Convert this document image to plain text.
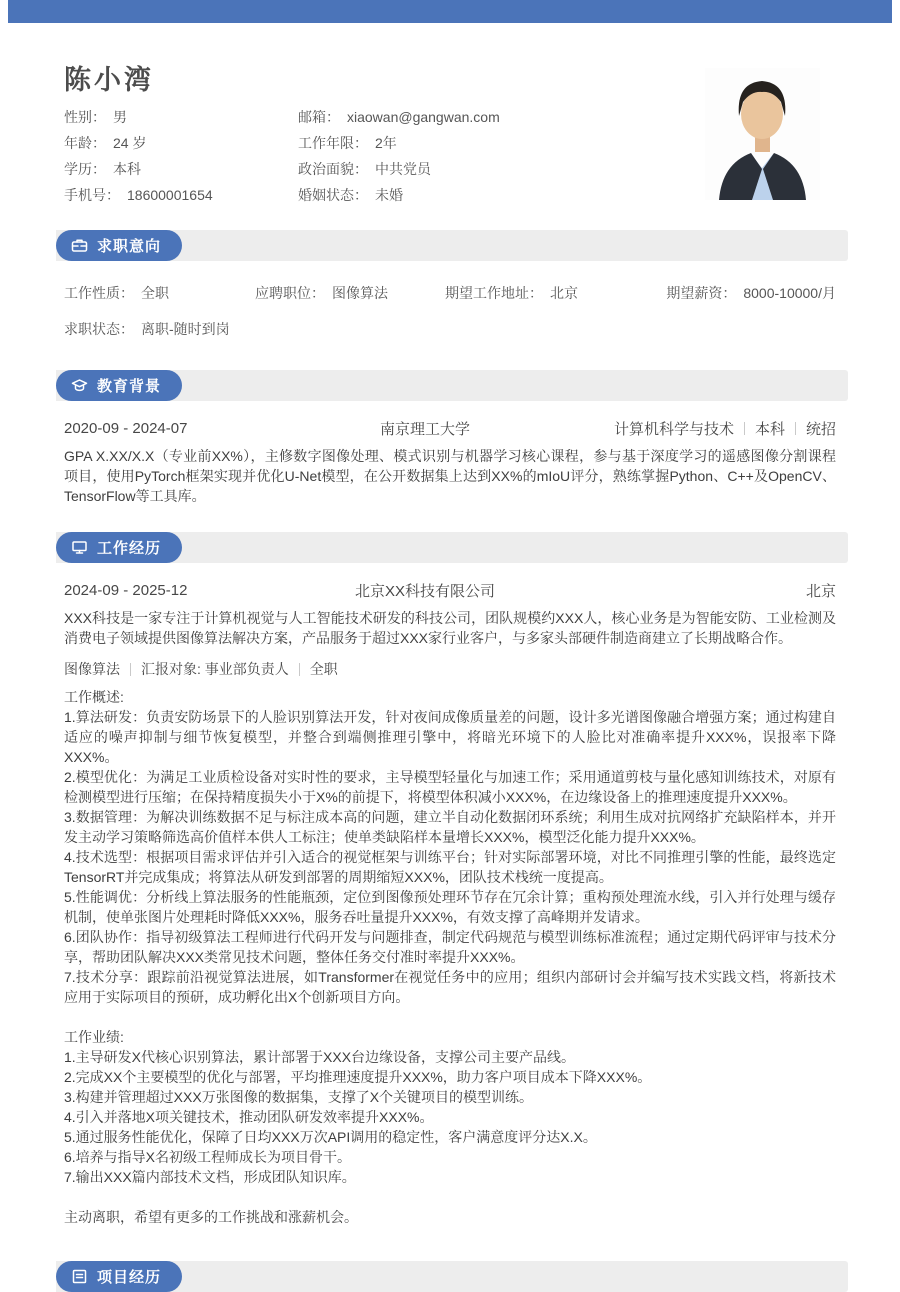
陈小湾
性别： 男	邮箱： xiaowan@gangwan.com
年龄： 24 岁	工作年限： 2年
学历： 本科	政治面貌： 中共党员
手机号： 18600001654	婚姻状态： 未婚
求职意向
工作性质： 全职	应聘职位： 图像算法	期望工作地址： 北京	期望薪资： 8000-10000/月
求职状态： 离职-随时到岗
教育背景
2020-09 - 2024-07	南京理工大学	计算机科学与技术 本科 统招

GPA X.XX/X.X（专业前XX%），主修数字图像处理、模式识别与机器学习核心课程，参与基于深度学习的遥感图像分割课程项目，使用PyTorch框架实现并优化U-Net模型，在公开数据集上达到XX%的mIoU评分，熟练掌握Python、C++及OpenCV、TensorFlow等工具库。

工作经历
2024-09 - 2025-12	北京XX科技有限公司	北京

XXX科技是一家专注于计算机视觉与人工智能技术研发的科技公司，团队规模约XXX人，核心业务是为智能安防、工业检测及消费电子领域提供图像算法解决方案，产品服务于超过XXX家行业客户，与多家头部硬件制造商建立了长期战略合作。

图像算法 汇报对象: 事业部负责人 全职

工作概述:

1.算法研发：负责安防场景下的人脸识别算法开发，针对夜间成像质量差的问题，设计多光谱图像融合增强方案；通过构建自适应的噪声抑制与细节恢复模型，并整合到端侧推理引擎中，将暗光环境下的人脸比对准确率提升XXX%，误报率下降XXX%。

2.模型优化：为满足工业质检设备对实时性的要求，主导模型轻量化与加速工作；采用通道剪枝与量化感知训练技术，对原有检测模型进行压缩；在保持精度损失小于X%的前提下，将模型体积减小XXX%，在边缘设备上的推理速度提升XXX%。

3.数据管理：为解决训练数据不足与标注成本高的问题，建立半自动化数据闭环系统；利用生成对抗网络扩充缺陷样本，并开发主动学习策略筛选高价值样本供人工标注；使单类缺陷样本量增长XXX%，模型泛化能力提升XXX%。

4.技术选型：根据项目需求评估并引入适合的视觉框架与训练平台；针对实际部署环境，对比不同推理引擎的性能，最终选定TensorRT并完成集成；将算法从研发到部署的周期缩短XXX%，团队技术栈统一度提高。

5.性能调优：分析线上算法服务的性能瓶颈，定位到图像预处理环节存在冗余计算；重构预处理流水线，引入并行处理与缓存机制，使单张图片处理耗时降低XXX%，服务吞吐量提升XXX%，有效支撑了高峰期并发请求。

6.团队协作：指导初级算法工程师进行代码开发与问题排查，制定代码规范与模型训练标准流程；通过定期代码评审与技术分享，帮助团队解决XXX类常见技术问题，整体任务交付准时率提升XXX%。

7.技术分享：跟踪前沿视觉算法进展，如Transformer在视觉任务中的应用；组织内部研讨会并编写技术实践文档，将新技术应用于实际项目的预研，成功孵化出X个创新项目方向。

工作业绩:

1.主导研发X代核心识别算法，累计部署于XXX台边缘设备，支撑公司主要产品线。

2.完成XX个主要模型的优化与部署，平均推理速度提升XXX%，助力客户项目成本下降XXX%。

3.构建并管理超过XXX万张图像的数据集，支撑了X个关键项目的模型训练。

4.引入并落地X项关键技术，推动团队研发效率提升XXX%。

5.通过服务性能优化，保障了日均XXX万次API调用的稳定性，客户满意度评分达X.X。

6.培养与指导X名初级工程师成长为项目骨干。

7.输出XXX篇内部技术文档，形成团队知识库。

主动离职，希望有更多的工作挑战和涨薪机会。

项目经历
